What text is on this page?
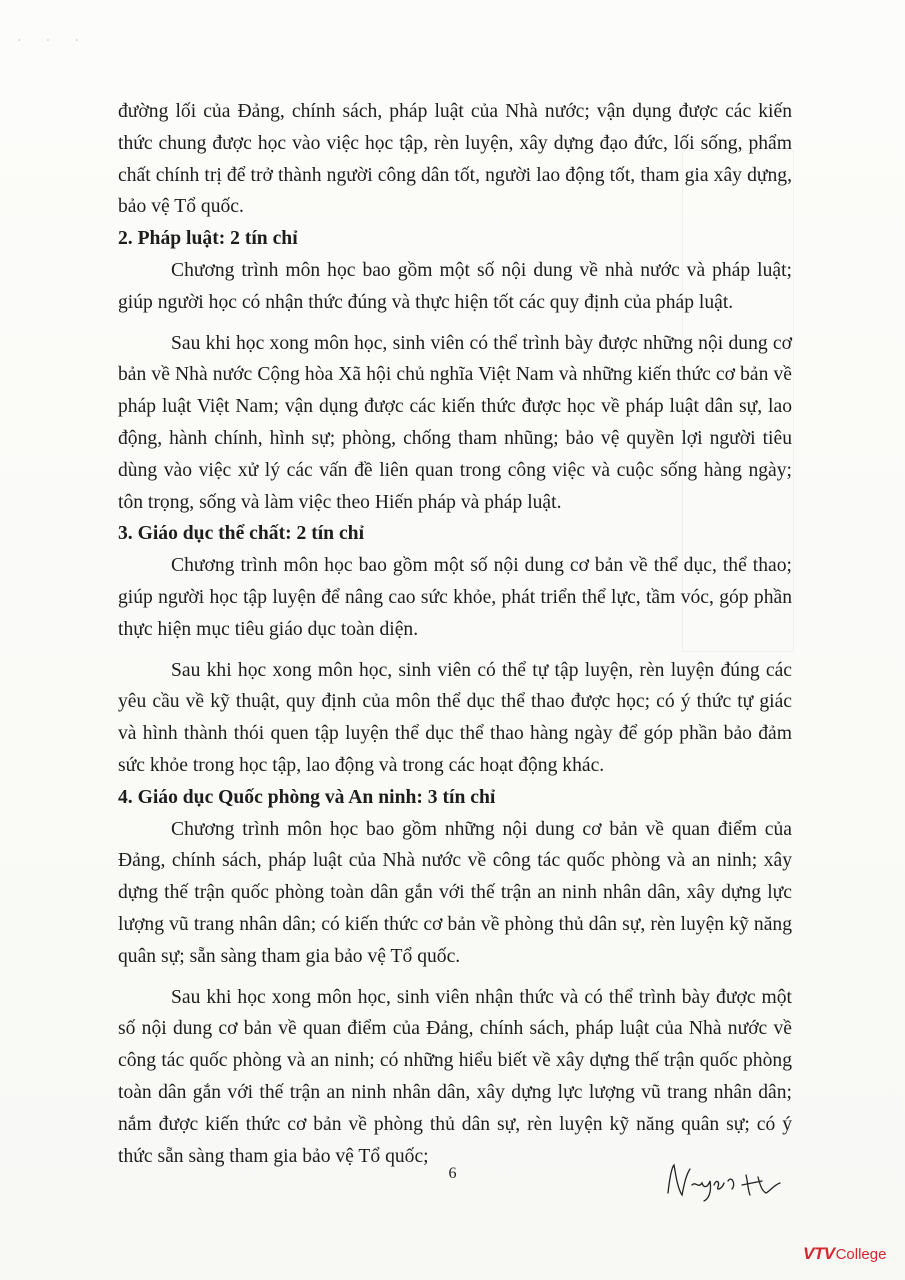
· · ·

đường lối của Đảng, chính sách, pháp luật của Nhà nước; vận dụng được các kiến thức chung được học vào việc học tập, rèn luyện, xây dựng đạo đức, lối sống, phẩm chất chính trị để trở thành người công dân tốt, người lao động tốt, tham gia xây dựng, bảo vệ Tổ quốc.

2. Pháp luật: 2 tín chỉ

Chương trình môn học bao gồm một số nội dung về nhà nước và pháp luật; giúp người học có nhận thức đúng và thực hiện tốt các quy định của pháp luật.

Sau khi học xong môn học, sinh viên có thể trình bày được những nội dung cơ bản về Nhà nước Cộng hòa Xã hội chủ nghĩa Việt Nam và những kiến thức cơ bản về pháp luật Việt Nam; vận dụng được các kiến thức được học về pháp luật dân sự, lao động, hành chính, hình sự; phòng, chống tham nhũng; bảo vệ quyền lợi người tiêu dùng vào việc xử lý các vấn đề liên quan trong công việc và cuộc sống hàng ngày; tôn trọng, sống và làm việc theo Hiến pháp và pháp luật.

3. Giáo dục thể chất: 2 tín chỉ

Chương trình môn học bao gồm một số nội dung cơ bản về thể dục, thể thao; giúp người học tập luyện để nâng cao sức khỏe, phát triển thể lực, tầm vóc, góp phần thực hiện mục tiêu giáo dục toàn diện.

Sau khi học xong môn học, sinh viên có thể tự tập luyện, rèn luyện đúng các yêu cầu về kỹ thuật, quy định của môn thể dục thể thao được học; có ý thức tự giác và hình thành thói quen tập luyện thể dục thể thao hàng ngày để góp phần bảo đảm sức khỏe trong học tập, lao động và trong các hoạt động khác.

4. Giáo dục Quốc phòng và An ninh: 3 tín chỉ

Chương trình môn học bao gồm những nội dung cơ bản về quan điểm của Đảng, chính sách, pháp luật của Nhà nước về công tác quốc phòng và an ninh; xây dựng thế trận quốc phòng toàn dân gắn với thế trận an ninh nhân dân, xây dựng lực lượng vũ trang nhân dân; có kiến thức cơ bản về phòng thủ dân sự, rèn luyện kỹ năng quân sự; sẵn sàng tham gia bảo vệ Tổ quốc.

Sau khi học xong môn học, sinh viên nhận thức và có thể trình bày được một số nội dung cơ bản về quan điểm của Đảng, chính sách, pháp luật của Nhà nước về công tác quốc phòng và an ninh; có những hiểu biết về xây dựng thế trận quốc phòng toàn dân gắn với thế trận an ninh nhân dân, xây dựng lực lượng vũ trang nhân dân; nắm được kiến thức cơ bản về phòng thủ dân sự, rèn luyện kỹ năng quân sự; có ý thức sẵn sàng tham gia bảo vệ Tổ quốc;

6
VTV College
